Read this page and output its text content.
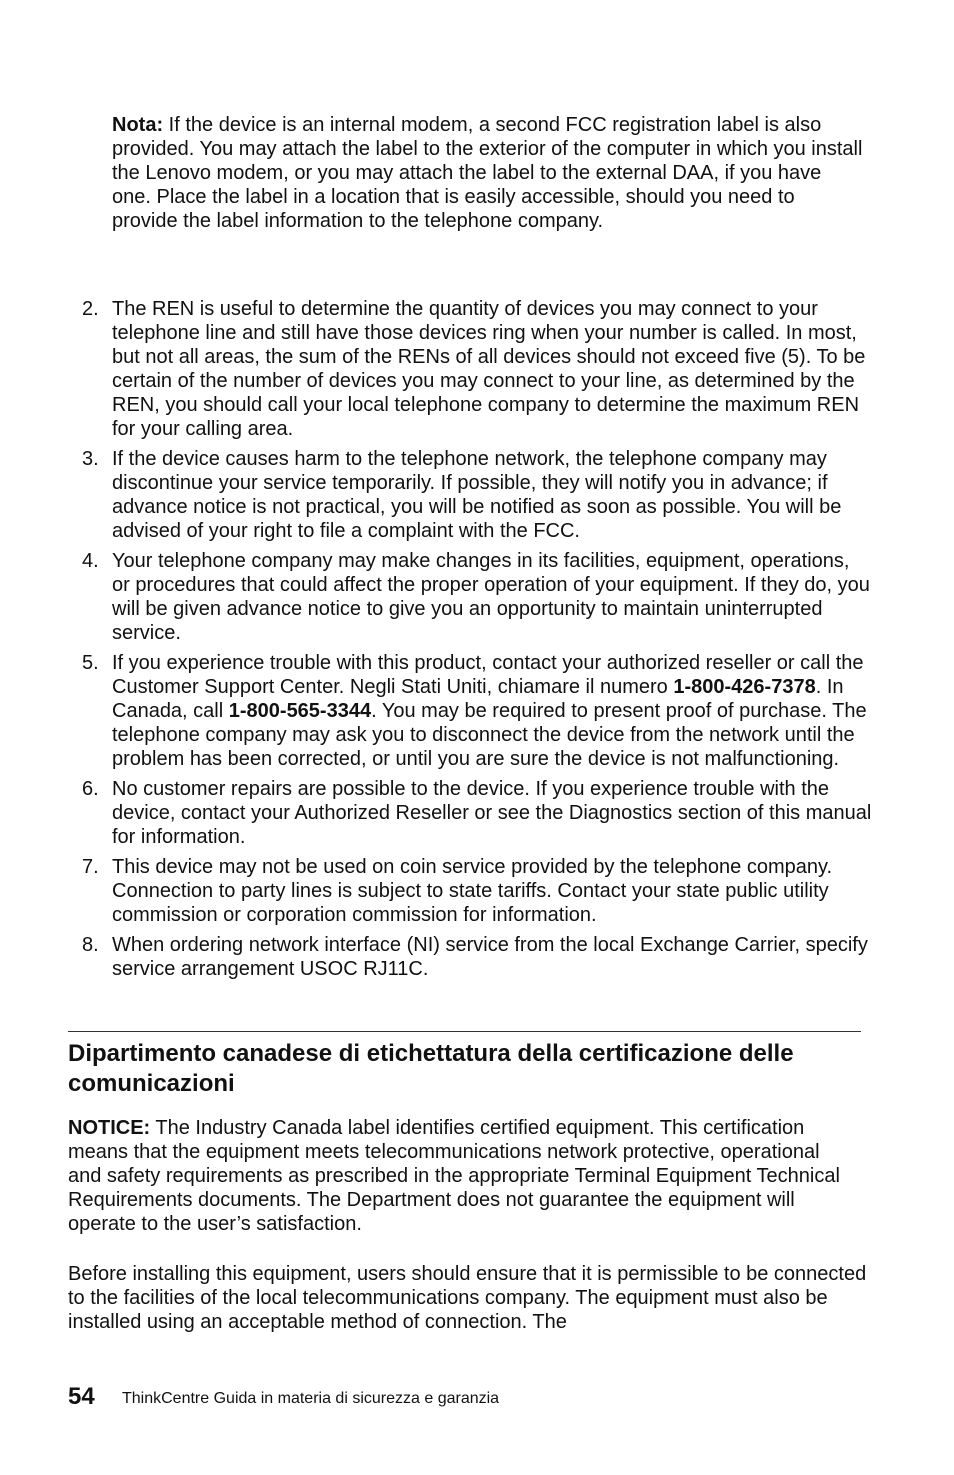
Nota: If the device is an internal modem, a second FCC registration label is also provided. You may attach the label to the exterior of the computer in which you install the Lenovo modem, or you may attach the label to the external DAA, if you have one. Place the label in a location that is easily accessible, should you need to provide the label information to the telephone company.

2. The REN is useful to determine the quantity of devices you may connect to your telephone line and still have those devices ring when your number is called. In most, but not all areas, the sum of the RENs of all devices should not exceed five (5). To be certain of the number of devices you may connect to your line, as determined by the REN, you should call your local telephone company to determine the maximum REN for your calling area.
3. If the device causes harm to the telephone network, the telephone company may discontinue your service temporarily. If possible, they will notify you in advance; if advance notice is not practical, you will be notified as soon as possible. You will be advised of your right to file a complaint with the FCC.
4. Your telephone company may make changes in its facilities, equipment, operations, or procedures that could affect the proper operation of your equipment. If they do, you will be given advance notice to give you an opportunity to maintain uninterrupted service.
5. If you experience trouble with this product, contact your authorized reseller or call the Customer Support Center. Negli Stati Uniti, chiamare il numero 1-800-426-7378. In Canada, call 1-800-565-3344. You may be required to present proof of purchase. The telephone company may ask you to disconnect the device from the network until the problem has been corrected, or until you are sure the device is not malfunctioning.
6. No customer repairs are possible to the device. If you experience trouble with the device, contact your Authorized Reseller or see the Diagnostics section of this manual for information.
7. This device may not be used on coin service provided by the telephone company. Connection to party lines is subject to state tariffs. Contact your state public utility commission or corporation commission for information.
8. When ordering network interface (NI) service from the local Exchange Carrier, specify service arrangement USOC RJ11C.
Dipartimento canadese di etichettatura della certificazione delle comunicazioni

NOTICE: The Industry Canada label identifies certified equipment. This certification means that the equipment meets telecommunications network protective, operational and safety requirements as prescribed in the appropriate Terminal Equipment Technical Requirements documents. The Department does not guarantee the equipment will operate to the user’s satisfaction.

Before installing this equipment, users should ensure that it is permissible to be connected to the facilities of the local telecommunications company. The equipment must also be installed using an acceptable method of connection. The

54 ThinkCentre Guida in materia di sicurezza e garanzia
